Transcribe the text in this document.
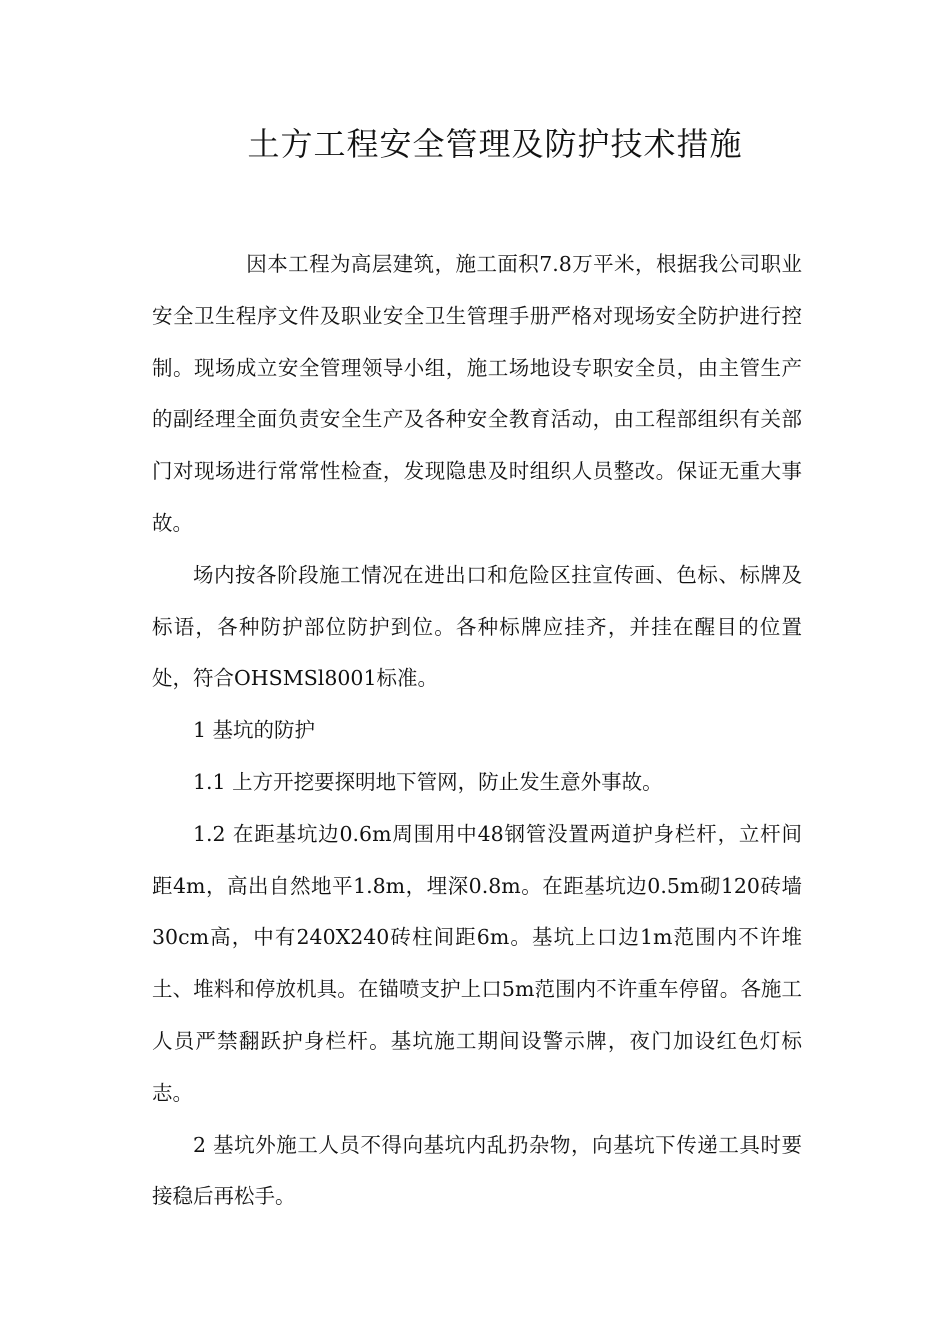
土方工程安全管理及防护技术措施

因本工程为高层建筑，施工面积7.8万平米，根据我公司职业安全卫生程序文件及职业安全卫生管理手册严格对现场安全防护进行控制。现场成立安全管理领导小组，施工场地设专职安全员，由主管生产的副经理全面负责安全生产及各种安全教育活动，由工程部组织有关部门对现场进行常常性检查，发现隐患及时组织人员整改。保证无重大事故。

场内按各阶段施工情况在进出口和危险区拄宣传画、色标、标牌及标语，各种防护部位防护到位。各种标牌应挂齐，并挂在醒目的位置处，符合OHSMSl8001标准。

1 基坑的防护

1.1 上方开挖要探明地下管网，防止发生意外事故。

1.2 在距基坑边0.6m周围用中48钢管没置两道护身栏杆，立杆间距4m，高出自然地平1.8m，埋深0.8m。在距基坑边0.5m砌120砖墙30cm高，中有240X240砖柱间距6m。基坑上口边1m范围内不许堆土、堆料和停放机具。在锚喷支护上口5m范围内不许重车停留。各施工人员严禁翻跃护身栏杆。基坑施工期间设警示牌，夜门加设红色灯标志。

2 基坑外施工人员不得向基坑内乱扔杂物，向基坑下传递工具时要接稳后再松手。
